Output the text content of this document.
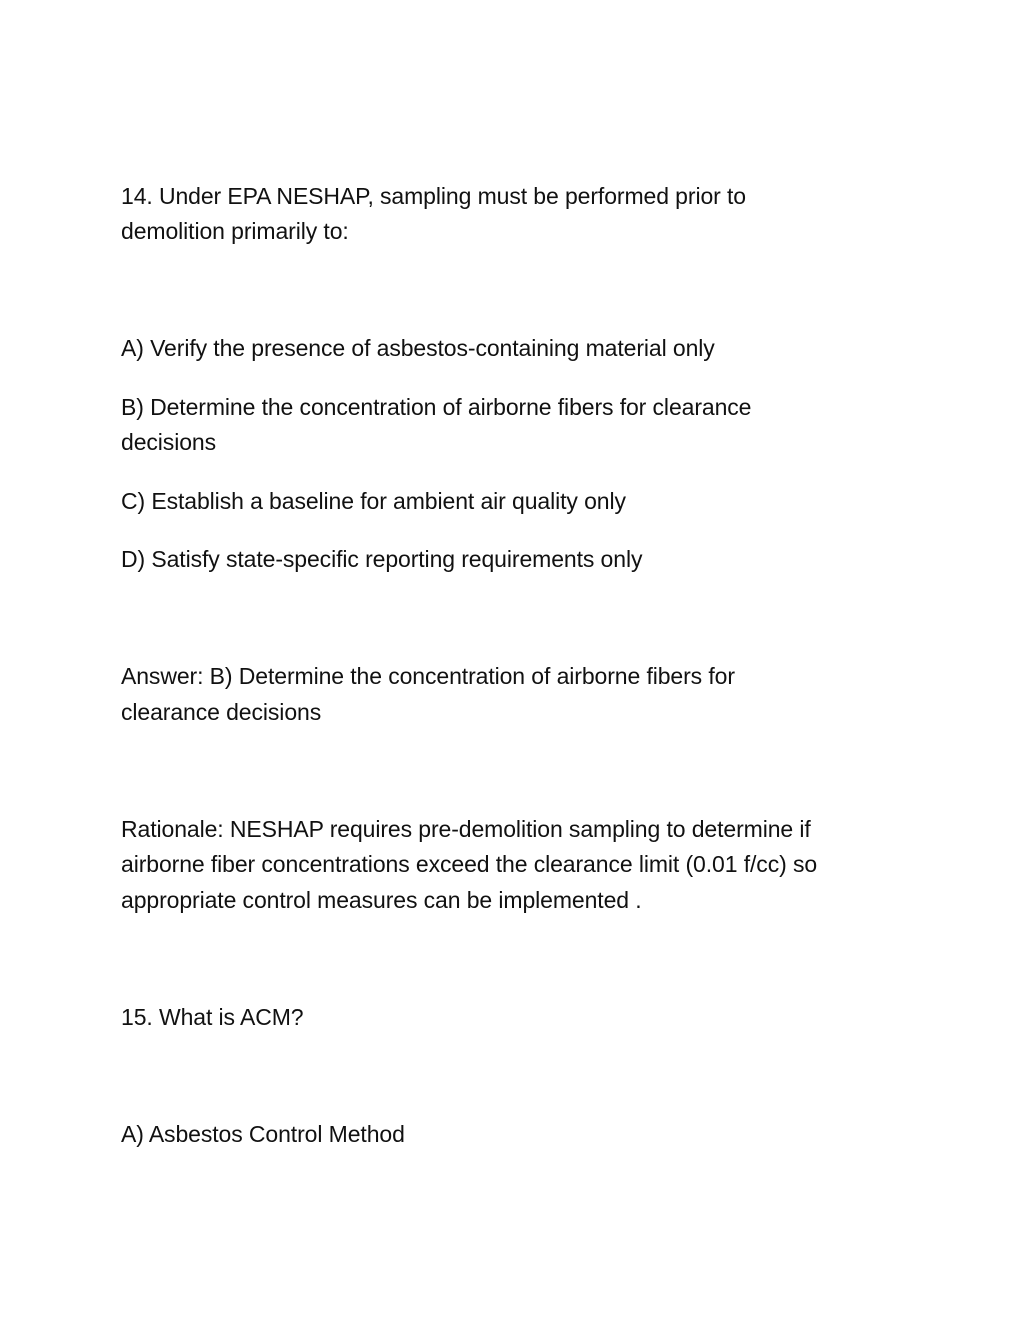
14. Under EPA NESHAP, sampling must be performed prior to
demolition primarily to:
A) Verify the presence of asbestos-containing material only
B) Determine the concentration of airborne fibers for clearance
decisions
C) Establish a baseline for ambient air quality only
D) Satisfy state-specific reporting requirements only
Answer: B) Determine the concentration of airborne fibers for
clearance decisions
Rationale: NESHAP requires pre-demolition sampling to determine if
airborne fiber concentrations exceed the clearance limit (0.01 f/cc) so
appropriate control measures can be implemented .
15. What is ACM?
A) Asbestos Control Method
